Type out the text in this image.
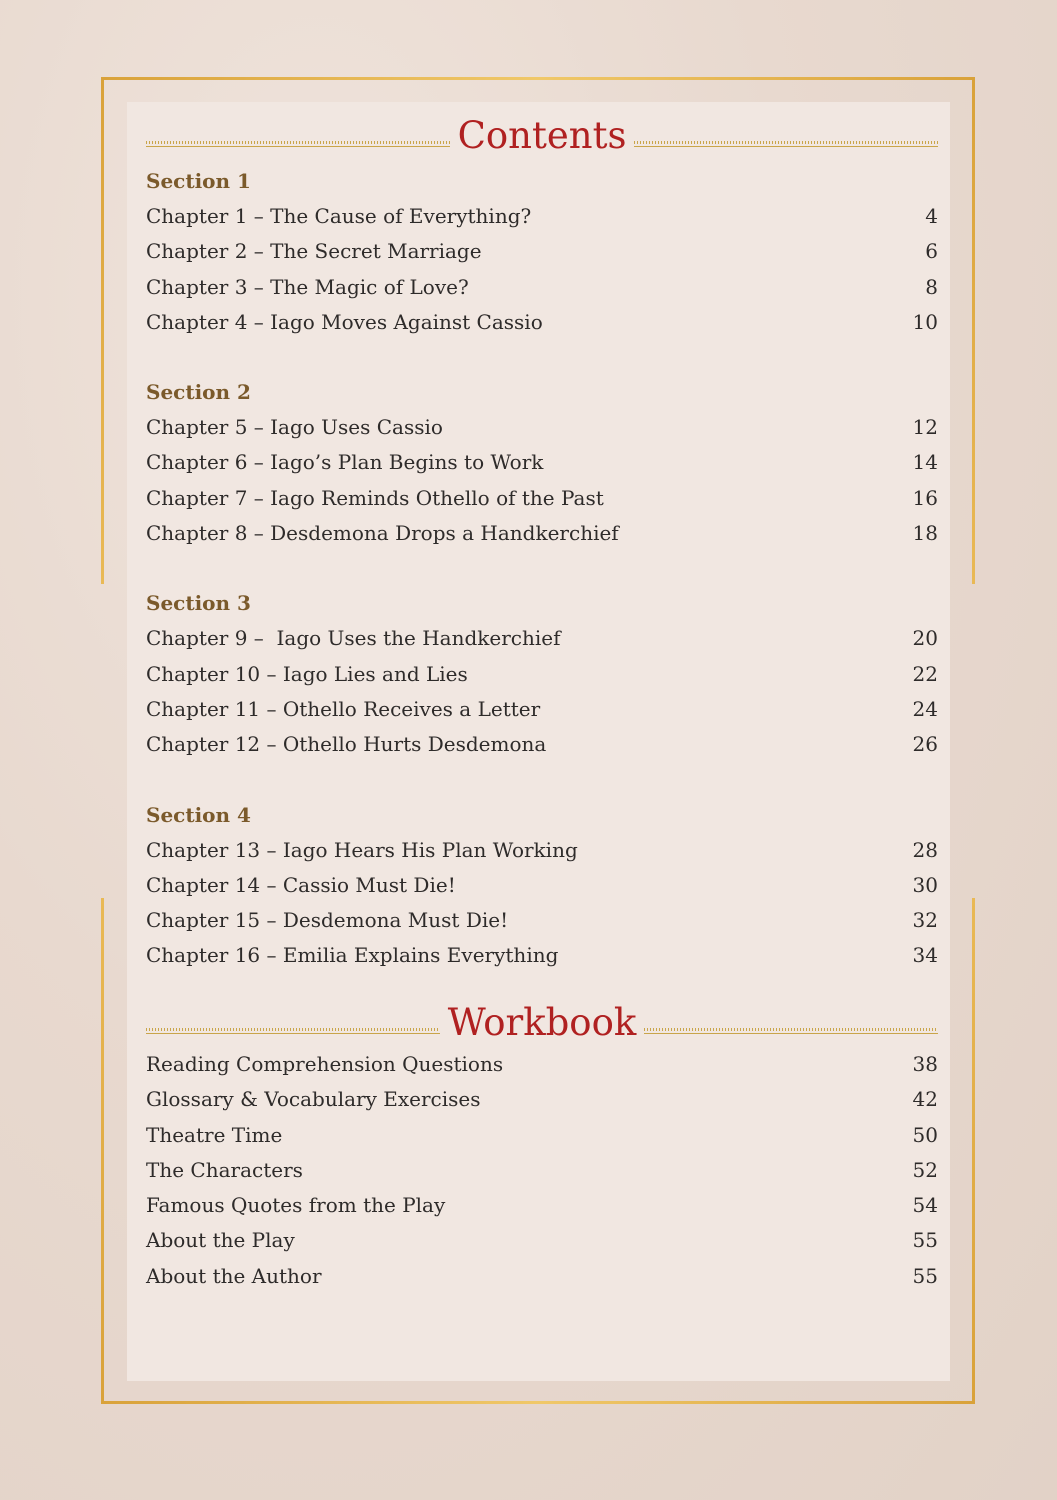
Contents
Section 1
Chapter 1 – The Cause of Everything?	4
Chapter 2 – The Secret Marriage	6
Chapter 3 – The Magic of Love?	8
Chapter 4 – Iago Moves Against Cassio	10
Section 2
Chapter 5 – Iago Uses Cassio	12
Chapter 6 – Iago’s Plan Begins to Work	14
Chapter 7 – Iago Reminds Othello of the Past	16
Chapter 8 – Desdemona Drops a Handkerchief	18
Section 3
Chapter 9 –  Iago Uses the Handkerchief	20
Chapter 10 – Iago Lies and Lies	22
Chapter 11 – Othello Receives a Letter	24
Chapter 12 – Othello Hurts Desdemona	26
Section 4
Chapter 13 – Iago Hears His Plan Working	28
Chapter 14 – Cassio Must Die!	30
Chapter 15 – Desdemona Must Die!	32
Chapter 16 – Emilia Explains Everything	34
Workbook
Reading Comprehension Questions	38
Glossary & Vocabulary Exercises	42
Theatre Time	50
The Characters	52
Famous Quotes from the Play	54
About the Play	55
About the Author	55
